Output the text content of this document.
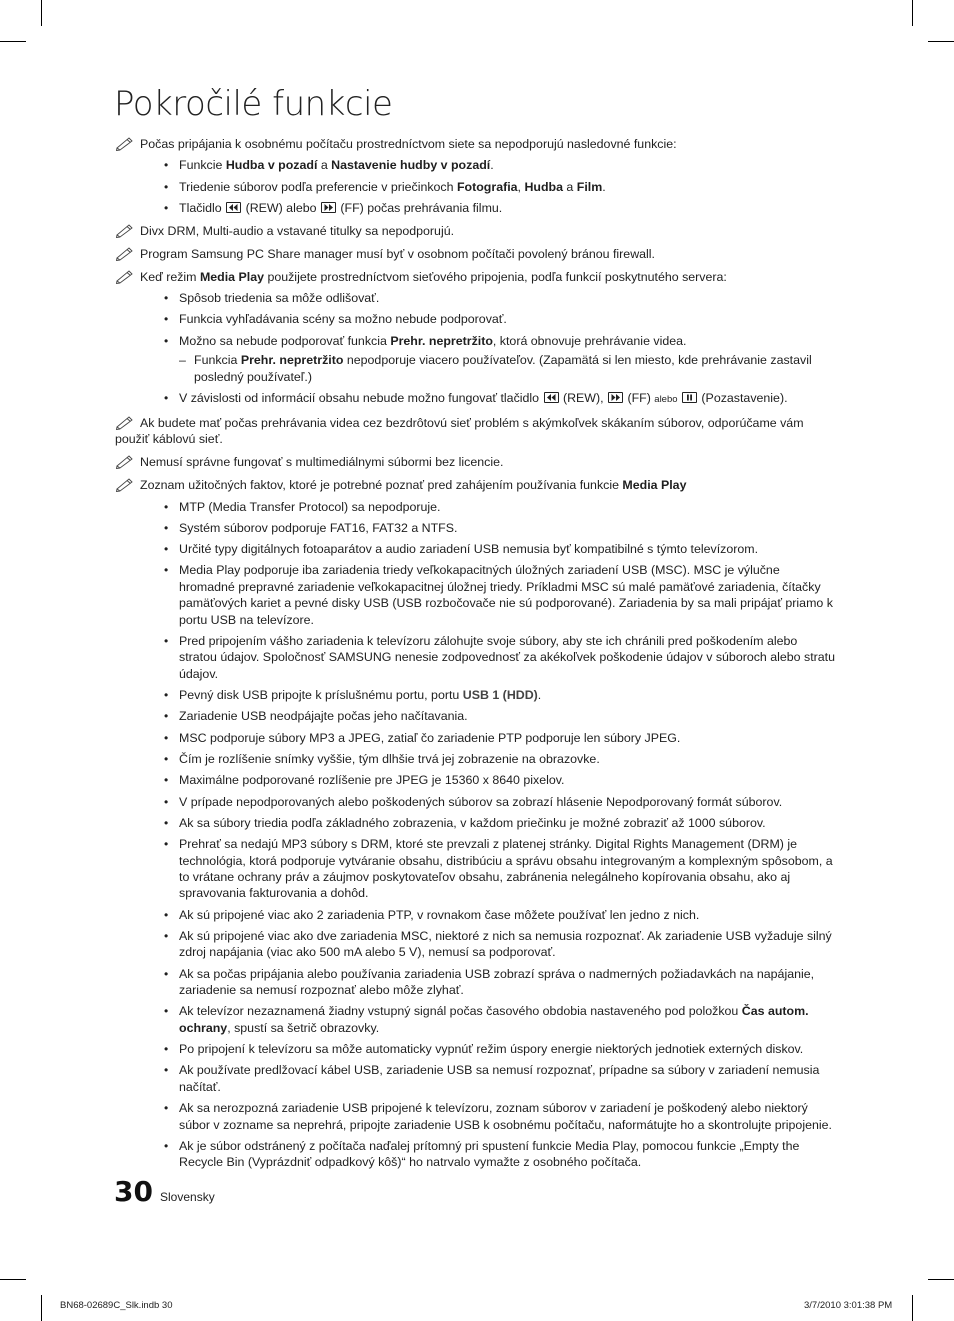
Pokročilé funkcie
Počas pripájania k osobnému počítaču prostredníctvom siete sa nepodporujú nasledovné funkcie:
• Funkcie Hudba v pozadí a Nastavenie hudby v pozadí.
• Triedenie súborov podľa preferencie v priečinkoch Fotografia, Hudba a Film.
• Tlačidlo
(REW) alebo
(FF) počas prehrávania filmu.
Divx DRM, Multi-audio a vstavané titulky sa nepodporujú.
Program Samsung PC Share manager musí byť v osobnom počítači povolený bránou firewall.
Keď režim Media Play použijete prostredníctvom sieťového pripojenia, podľa funkcií poskytnutého servera:
• Spôsob triedenia sa môže odlišovať.
• Funkcia vyhľadávania scény sa možno nebude podporovať.
• Možno sa nebude podporovať funkcia Prehr. nepretržito, ktorá obnovuje prehrávanie videa.
– Funkcia Prehr. nepretržito nepodporuje viacero používateľov. (Zapamätá si len miesto, kde prehrávanie zastavil posledný používateľ.)
• V závislosti od informácií obsahu nebude možno fungovať tlačidlo
(REW),
(FF) alebo
(Pozastavenie).
Ak budete mať počas prehrávania videa cez bezdrôtovú sieť problém s akýmkoľvek skákaním súborov, odporúčame vám použiť káblovú sieť.
Nemusí správne fungovať s multimediálnymi súbormi bez licencie.
Zoznam užitočných faktov, ktoré je potrebné poznať pred zahájením používania funkcie Media Play
• MTP (Media Transfer Protocol) sa nepodporuje.
• Systém súborov podporuje FAT16, FAT32 a NTFS.
• Určité typy digitálnych fotoaparátov a audio zariadení USB nemusia byť kompatibilné s týmto televízorom.
• Media Play podporuje iba zariadenia triedy veľkokapacitných úložných zariadení USB (MSC). MSC je výlučne hromadné prepravné zariadenie veľkokapacitnej úložnej triedy. Príkladmi MSC sú malé pamäťové zariadenia, čítačky pamäťových kariet a pevné disky USB (USB rozbočovače nie sú podporované). Zariadenia by sa mali pripájať priamo k portu USB na televízore.
• Pred pripojením vášho zariadenia k televízoru zálohujte svoje súbory, aby ste ich chránili pred poškodením alebo stratou údajov. Spoločnosť SAMSUNG nenesie zodpovednosť za akékoľvek poškodenie údajov v súboroch alebo stratu údajov.
• Pevný disk USB pripojte k príslušnému portu, portu USB 1 (HDD).
• Zariadenie USB neodpájajte počas jeho načítavania.
• MSC podporuje súbory MP3 a JPEG, zatiaľ čo zariadenie PTP podporuje len súbory JPEG.
• Čím je rozlíšenie snímky vyššie, tým dlhšie trvá jej zobrazenie na obrazovke.
• Maximálne podporované rozlíšenie pre JPEG je 15360 x 8640 pixelov.
• V prípade nepodporovaných alebo poškodených súborov sa zobrazí hlásenie Nepodporovaný formát súborov.
• Ak sa súbory triedia podľa základného zobrazenia, v každom priečinku je možné zobraziť až 1000 súborov.
• Prehrať sa nedajú MP3 súbory s DRM, ktoré ste prevzali z platenej stránky. Digital Rights Management (DRM) je technológia, ktorá podporuje vytváranie obsahu, distribúciu a správu obsahu integrovaným a komplexným spôsobom, a to vrátane ochrany práv a záujmov poskytovateľov obsahu, zabránenia nelegálneho kopírovania obsahu, ako aj spravovania fakturovania a dohôd.
• Ak sú pripojené viac ako 2 zariadenia PTP, v rovnakom čase môžete používať len jedno z nich.
• Ak sú pripojené viac ako dve zariadenia MSC, niektoré z nich sa nemusia rozpoznať. Ak zariadenie USB vyžaduje silný zdroj napájania (viac ako 500 mA alebo 5 V), nemusí sa podporovať.
• Ak sa počas pripájania alebo používania zariadenia USB zobrazí správa o nadmerných požiadavkách na napájanie, zariadenie sa nemusí rozpoznať alebo môže zlyhať.
• Ak televízor nezaznamená žiadny vstupný signál počas časového obdobia nastaveného pod položkou Čas autom. ochrany, spustí sa šetrič obrazovky.
• Po pripojení k televízoru sa môže automaticky vypnúť režim úspory energie niektorých jednotiek externých diskov.
• Ak používate predlžovací kábel USB, zariadenie USB sa nemusí rozpoznať, prípadne sa súbory v zariadení nemusia načítať.
• Ak sa nerozpozná zariadenie USB pripojené k televízoru, zoznam súborov v zariadení je poškodený alebo niektorý súbor v zozname sa neprehrá, pripojte zariadenie USB k osobnému počítaču, naformátujte ho a skontrolujte pripojenie.
• Ak je súbor odstránený z počítača naďalej prítomný pri spustení funkcie Media Play, pomocou funkcie „Empty the Recycle Bin (Vyprázdniť odpadkový kôš)“ ho natrvalo vymažte z osobného počítača.
30 Slovensky
BN68-02689C_Slk.indb 30	3/7/2010 3:01:38 PM
